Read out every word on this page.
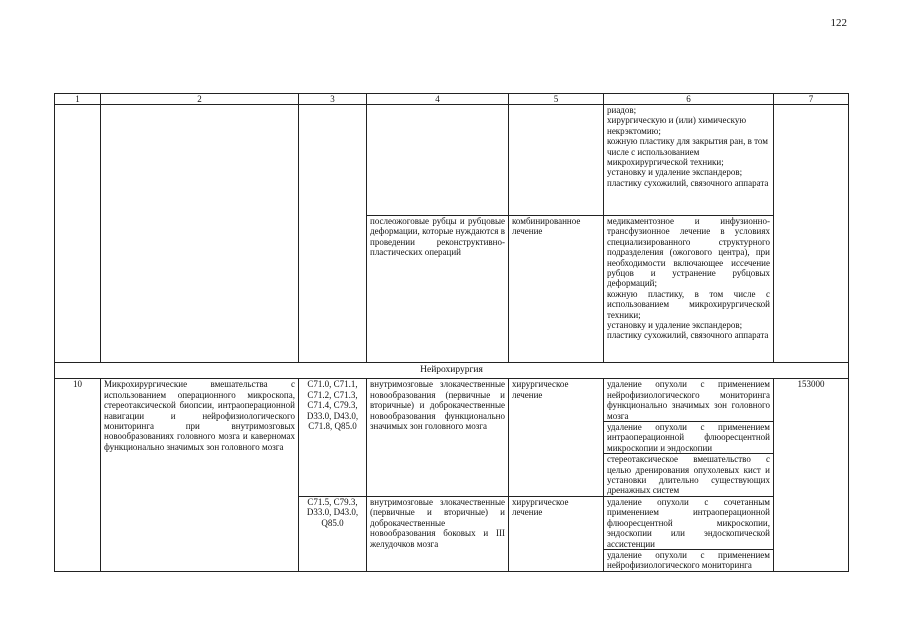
122
1	2	3	4	5	6	7
					риадов;
хирургическую и (или) химическую некрэктомию;
кожную пластику для закрытия ран, в том числе с использованием микрохирургической техники;
установку и удаление экспандеров;
пластику сухожилий, связочного аппарата	
			послеожоговые рубцы и рубцовые деформации, которые нуждаются в проведении реконструктивно-пластических операций	комбинированное лечение	медикаментозное и инфузионно-трансфузионное лечение в условиях специализированного структурного подразделения (ожогового центра), при необходимости включающее иссечение рубцов и устранение рубцовых деформаций;
кожную пластику, в том числе с использованием микрохирургической техники;
установку и удаление экспандеров;
пластику сухожилий, связочного аппарата	
Нейрохирургия						
10	Микрохирургические вмешательства с использованием операционного микроскопа, стереотаксической биопсии, интраоперационной навигации и нейрофизиологического мониторинга при внутримозговых новообразованиях головного мозга и каверномах функционально значимых зон головного мозга	C71.0, C71.1, C71.2, C71.3, C71.4, C79.3, D33.0, D43.0, C71.8, Q85.0	внутримозговые злокачественные новообразования (первичные и вторичные) и доброкачественные новообразования функционально значимых зон головного мозга	хирургическое лечение	удаление опухоли с применением нейрофизиологического мониторинга функционально значимых зон головного мозга	153000
					удаление опухоли с применением интраоперационной флюоресцентной микроскопии и эндоскопии	
					стереотаксическое вмешательство с целью дренирования опухолевых кист и установки длительно существующих дренажных систем	
		C71.5, C79.3, D33.0, D43.0, Q85.0	внутримозговые злокачественные (первичные и вторичные) и доброкачественные новообразования боковых и III желудочков мозга	хирургическое лечение	удаление опухоли с сочетанным применением интраоперационной флюоресцентной микроскопии, эндоскопии или эндоскопической ассистенции	
					удаление опухоли с применением нейрофизиологического мониторинга	
